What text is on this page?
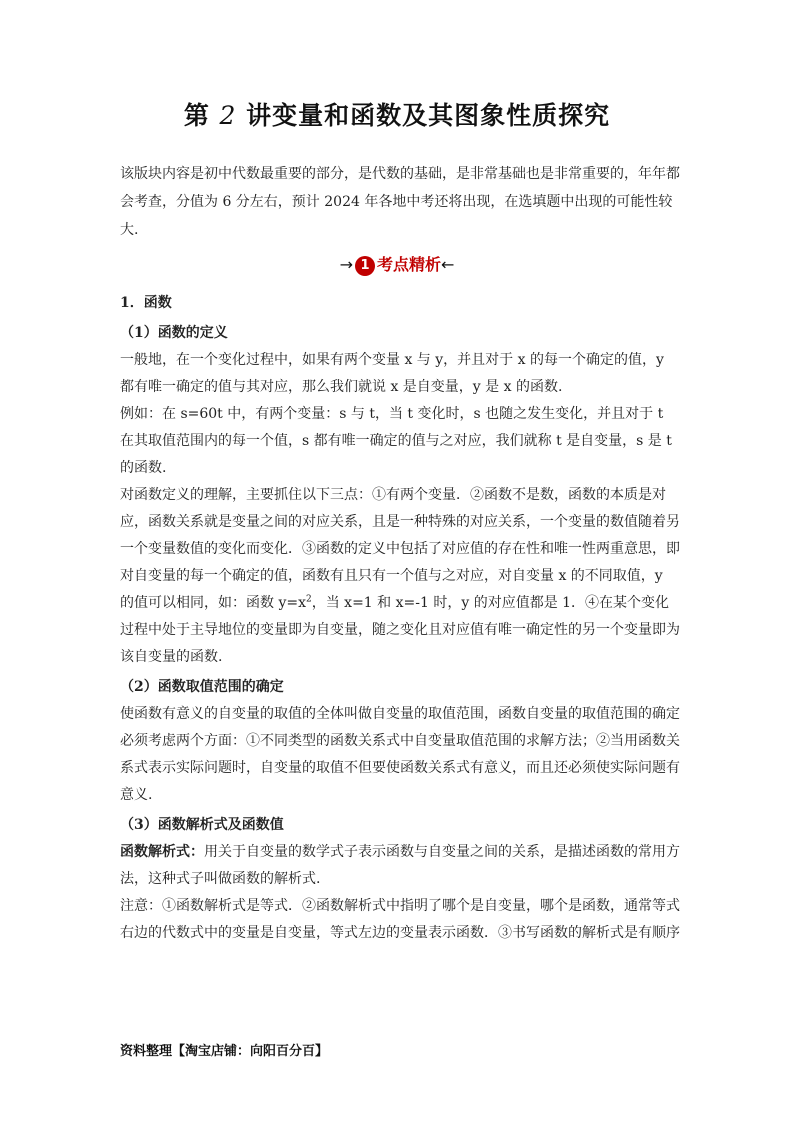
第 2 讲变量和函数及其图象性质探究
该版块内容是初中代数最重要的部分，是代数的基础，是非常基础也是非常重要的，年年都会考查，分值为 6 分左右，预计 2024 年各地中考还将出现，在选填题中出现的可能性较大.
→ 1 考点精析←

1．函数

（1）函数的定义

一般地，在一个变化过程中，如果有两个变量 x 与 y，并且对于 x 的每一个确定的值，y 都有唯一确定的值与其对应，那么我们就说 x 是自变量，y 是 x 的函数.

例如：在 s=60t 中，有两个变量：s 与 t，当 t 变化时，s 也随之发生变化，并且对于 t 在其取值范围内的每一个值，s 都有唯一确定的值与之对应，我们就称 t 是自变量，s 是 t 的函数.

对函数定义的理解，主要抓住以下三点：①有两个变量．②函数不是数，函数的本质是对应，函数关系就是变量之间的对应关系，且是一种特殊的对应关系，一个变量的数值随着另一个变量数值的变化而变化．③函数的定义中包括了对应值的存在性和唯一性两重意思，即对自变量的每一个确定的值，函数有且只有一个值与之对应，对自变量 x 的不同取值，y 的值可以相同，如：函数 $y=x^2$，当 x=1 和 x=-1 时，y 的对应值都是 1．④在某个变化过程中处于主导地位的变量即为自变量，随之变化且对应值有唯一确定性的另一个变量即为该自变量的函数.

（2）函数取值范围的确定

使函数有意义的自变量的取值的全体叫做自变量的取值范围，函数自变量的取值范围的确定必须考虑两个方面：①不同类型的函数关系式中自变量取值范围的求解方法；②当用函数关系式表示实际问题时，自变量的取值不但要使函数关系式有意义，而且还必须使实际问题有意义.

（3）函数解析式及函数值

函数解析式：用关于自变量的数学式子表示函数与自变量之间的关系，是描述函数的常用方法，这种式子叫做函数的解析式.

注意：①函数解析式是等式．②函数解析式中指明了哪个是自变量，哪个是函数，通常等式右边的代数式中的变量是自变量，等式左边的变量表示函数．③书写函数的解析式是有顺序

资料整理【淘宝店铺：向阳百分百】
